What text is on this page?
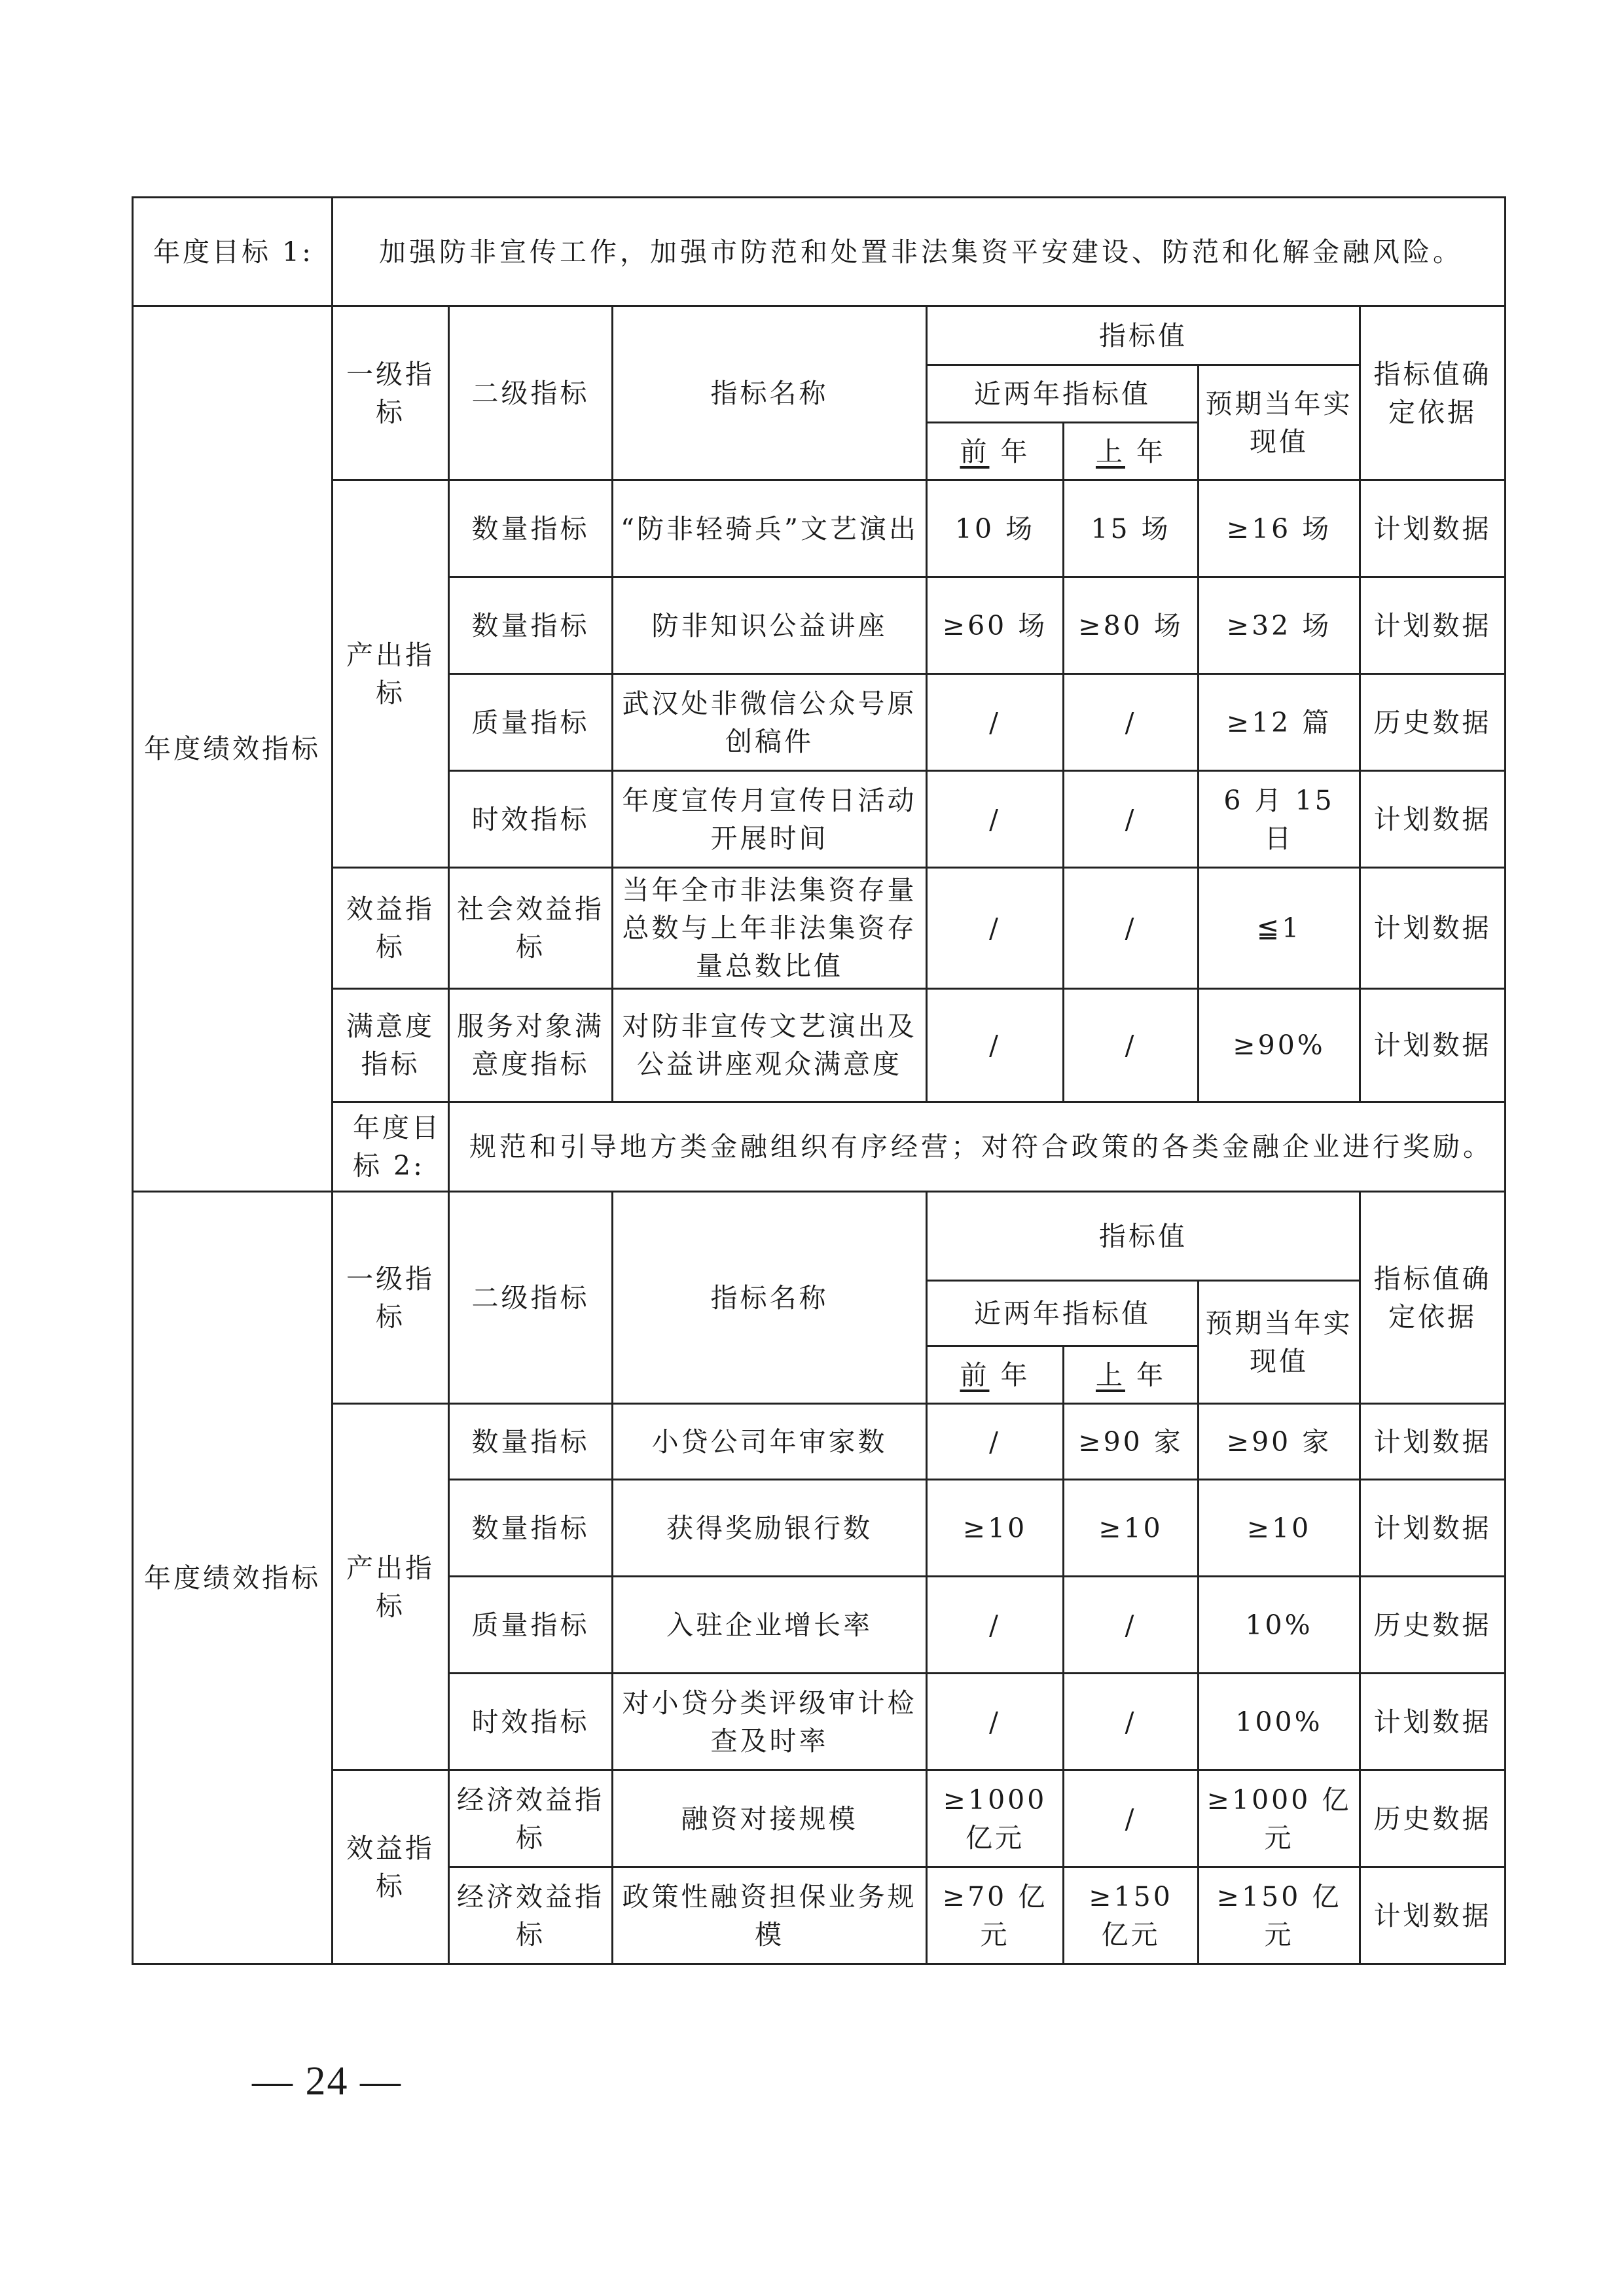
年度目标 1:	加强防非宣传工作，加强市防范和处置非法集资平安建设、防范和化解金融风险。						
年度绩效指标	一级指标	二级指标	指标名称	指标值			指标值确定依据
				近两年指标值		预期当年实现值	
				前 年	上 年		
	产出指标	数量指标	“防非轻骑兵”文艺演出	10 场	15 场	≥16 场	计划数据
		数量指标	防非知识公益讲座	≥60 场	≥80 场	≥32 场	计划数据
		质量指标	武汉处非微信公众号原创稿件	/	/	≥12 篇	历史数据
		时效指标	年度宣传月宣传日活动开展时间	/	/	6 月 15 日	计划数据
	效益指标	社会效益指标	当年全市非法集资存量总数与上年非法集资存量总数比值	/	/	≦1	计划数据
	满意度指标	服务对象满意度指标	对防非宣传文艺演出及公益讲座观众满意度	/	/	≥90%	计划数据
	年度目标 2:	规范和引导地方类金融组织有序经营；对符合政策的各类金融企业进行奖励。					
年度绩效指标	一级指标	二级指标	指标名称	指标值			指标值确定依据
				近两年指标值		预期当年实现值	
				前 年	上 年		
	产出指标	数量指标	小贷公司年审家数	/	≥90 家	≥90 家	计划数据
		数量指标	获得奖励银行数	≥10	≥10	≥10	计划数据
		质量指标	入驻企业增长率	/	/	10%	历史数据
		时效指标	对小贷分类评级审计检查及时率	/	/	100%	计划数据
	效益指标	经济效益指标	融资对接规模	≥1000 亿元	/	≥1000 亿元	历史数据
		经济效益指标	政策性融资担保业务规模	≥70 亿元	≥150 亿元	≥150 亿元	计划数据
— 24 —
